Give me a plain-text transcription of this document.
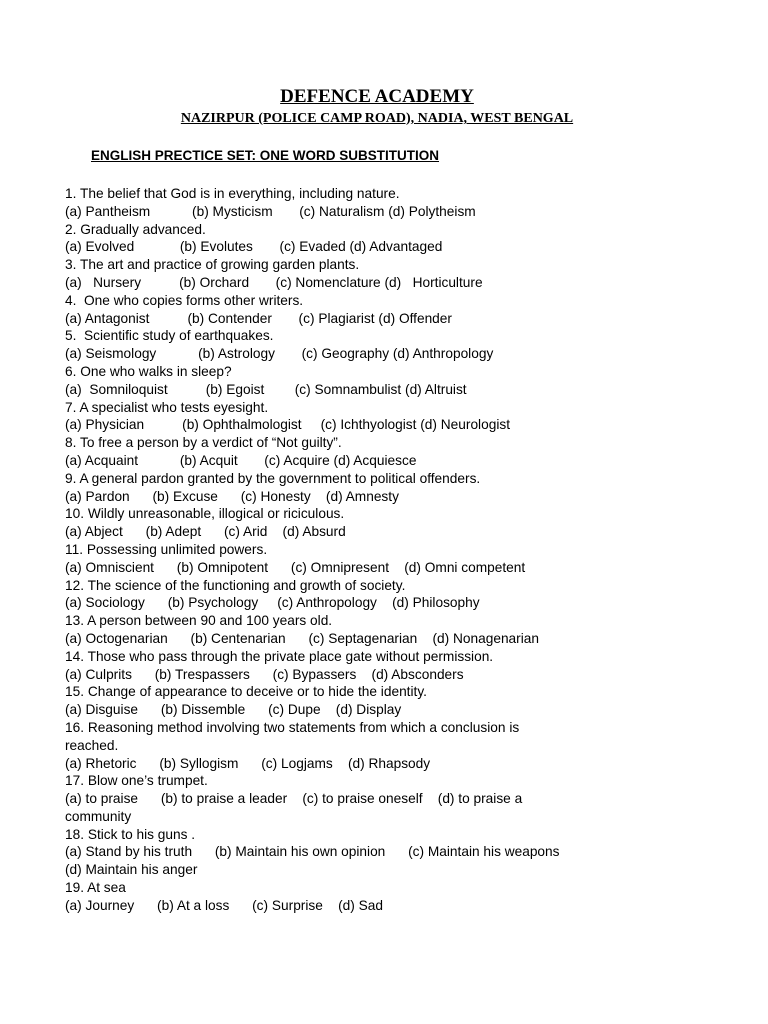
DEFENCE ACADEMY
NAZIRPUR (POLICE CAMP ROAD), NADIA, WEST BENGAL
ENGLISH PRECTICE SET: ONE WORD SUBSTITUTION
1. The belief that God is in everything, including nature.
(a) Pantheism           (b) Mysticism       (c) Naturalism (d) Polytheism
2. Gradually advanced.
(a) Evolved            (b) Evolutes       (c) Evaded (d) Advantaged
3. The art and practice of growing garden plants.
(a)   Nursery          (b) Orchard       (c) Nomenclature (d)   Horticulture
4.  One who copies forms other writers.
(a) Antagonist          (b) Contender       (c) Plagiarist (d) Offender
5.  Scientific study of earthquakes.
(a) Seismology           (b) Astrology       (c) Geography (d) Anthropology
6. One who walks in sleep?
(a)  Somniloquist          (b) Egoist        (c) Somnambulist (d) Altruist
7. A specialist who tests eyesight.
(a) Physician          (b) Ophthalmologist     (c) Ichthyologist (d) Neurologist
8. To free a person by a verdict of “Not guilty”.
(a) Acquaint           (b) Acquit       (c) Acquire (d) Acquiesce
9. A general pardon granted by the government to political offenders.
(a) Pardon      (b) Excuse      (c) Honesty    (d) Amnesty
10. Wildly unreasonable, illogical or riciculous.
(a) Abject      (b) Adept      (c) Arid    (d) Absurd
11. Possessing unlimited powers.
(a) Omniscient      (b) Omnipotent      (c) Omnipresent    (d) Omni competent
12. The science of the functioning and growth of society.
(a) Sociology      (b) Psychology     (c) Anthropology    (d) Philosophy
13. A person between 90 and 100 years old.
(a) Octogenarian      (b) Centenarian      (c) Septagenarian    (d) Nonagenarian
14. Those who pass through the private place gate without permission.
(a) Culprits      (b) Trespassers      (c) Bypassers    (d) Absconders
15. Change of appearance to deceive or to hide the identity.
(a) Disguise      (b) Dissemble      (c) Dupe    (d) Display
16. Reasoning method involving two statements from which a conclusion is
reached.
(a) Rhetoric      (b) Syllogism      (c) Logjams    (d) Rhapsody
17. Blow one’s trumpet.
(a) to praise      (b) to praise a leader    (c) to praise oneself    (d) to praise a
community
18. Stick to his guns .
(a) Stand by his truth      (b) Maintain his own opinion      (c) Maintain his weapons
(d) Maintain his anger
19. At sea
(a) Journey      (b) At a loss      (c) Surprise    (d) Sad
